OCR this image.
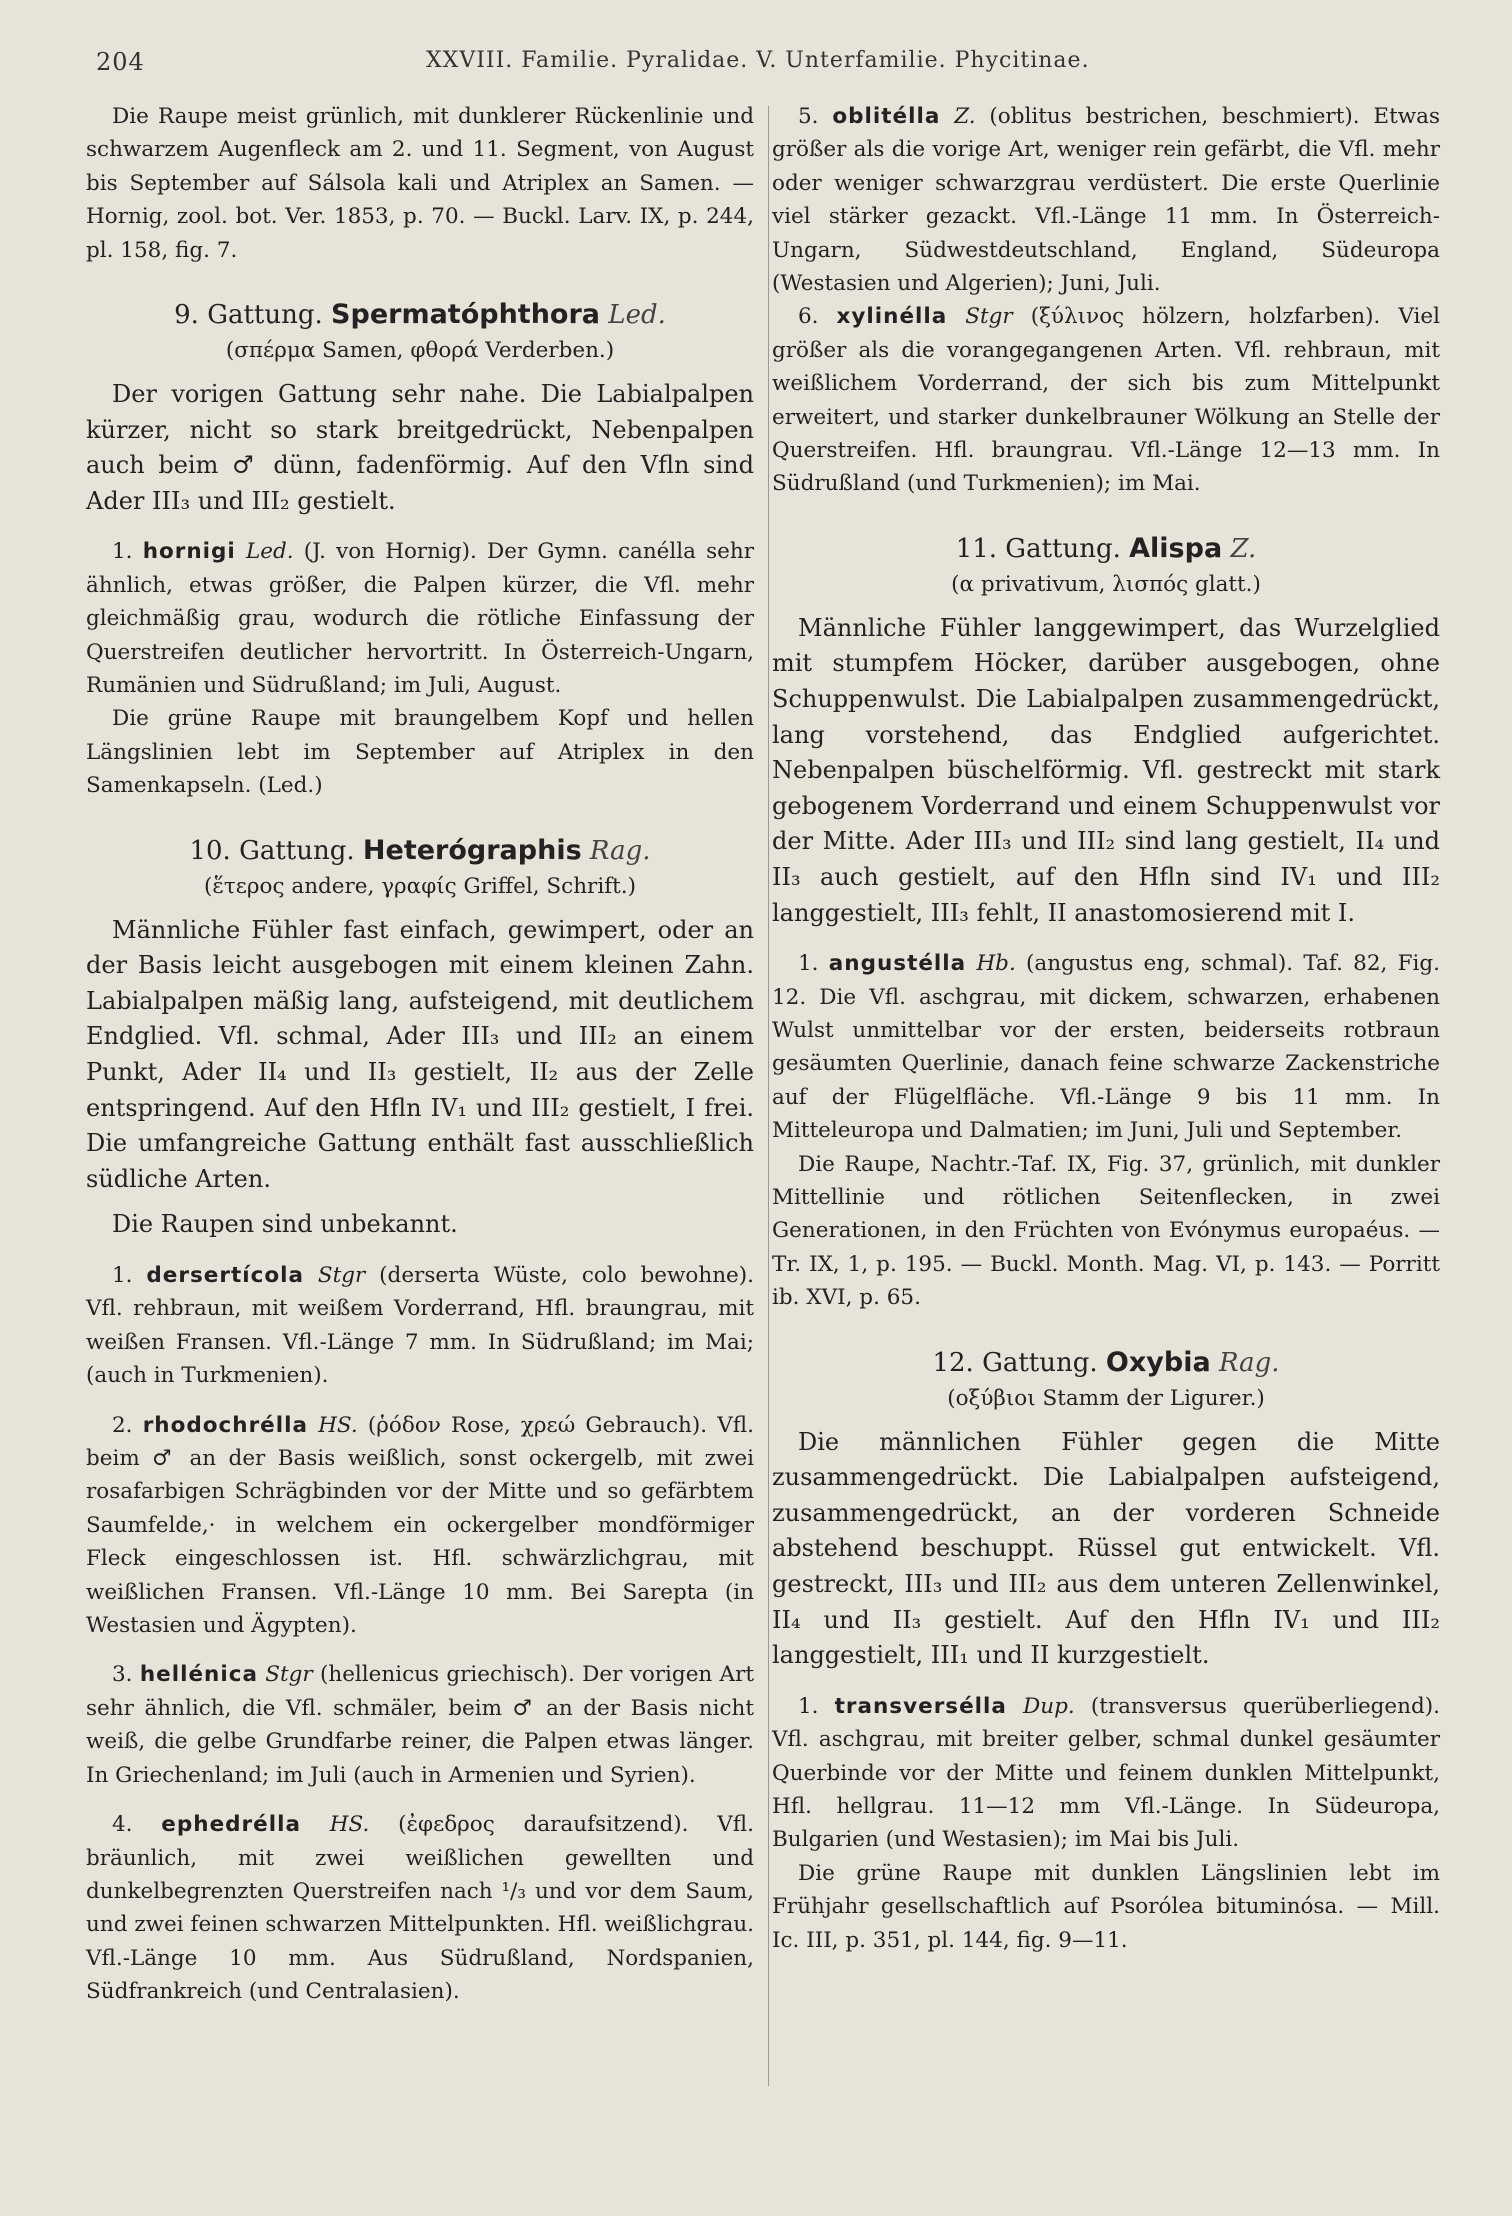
204	XXVIII. Familie. Pyralidae. V. Unterfamilie. Phycitinae.

Die Raupe meist grünlich, mit dunklerer Rückenlinie und schwarzem Augenfleck am 2. und 11. Segment, von August bis September auf Sálsola kali und Atriplex an Samen. — Hornig, zool. bot. Ver. 1853, p. 70. — Buckl. Larv. IX, p. 244, pl. 158, fig. 7.

9. Gattung. Spermatóphthora Led.
(σπέρμα Samen, φθορά Verderben.)

Der vorigen Gattung sehr nahe. Die Labialpalpen kürzer, nicht so stark breitgedrückt, Nebenpalpen auch beim ♂ dünn, fadenförmig. Auf den Vfln sind Ader III₃ und III₂ gestielt.

1. hornigi Led. (J. von Hornig). Der Gymn. canélla sehr ähnlich, etwas größer, die Palpen kürzer, die Vfl. mehr gleichmäßig grau, wodurch die rötliche Einfassung der Querstreifen deutlicher hervortritt. In Österreich-Ungarn, Rumänien und Südrußland; im Juli, August.

Die grüne Raupe mit braungelbem Kopf und hellen Längslinien lebt im September auf Atriplex in den Samenkapseln. (Led.)

10. Gattung. Heterógraphis Rag.
(ἕτερος andere, γραφίς Griffel, Schrift.)

Männliche Fühler fast einfach, gewimpert, oder an der Basis leicht ausgebogen mit einem kleinen Zahn. Labialpalpen mäßig lang, aufsteigend, mit deutlichem Endglied. Vfl. schmal, Ader III₃ und III₂ an einem Punkt, Ader II₄ und II₃ gestielt, II₂ aus der Zelle entspringend. Auf den Hfln IV₁ und III₂ gestielt, I frei. Die umfangreiche Gattung enthält fast ausschließlich südliche Arten.

Die Raupen sind unbekannt.

1. dersertícola Stgr (derserta Wüste, colo bewohne). Vfl. rehbraun, mit weißem Vorderrand, Hfl. braungrau, mit weißen Fransen. Vfl.-Länge 7 mm. In Südrußland; im Mai; (auch in Turkmenien).

2. rhodochrélla HS. (ῥόδον Rose, χρεώ Gebrauch). Vfl. beim ♂ an der Basis weißlich, sonst ockergelb, mit zwei rosafarbigen Schrägbinden vor der Mitte und so gefärbtem Saumfelde,· in welchem ein ockergelber mondförmiger Fleck eingeschlossen ist. Hfl. schwärzlichgrau, mit weißlichen Fransen. Vfl.-Länge 10 mm. Bei Sarepta (in Westasien und Ägypten).

3. hellénica Stgr (hellenicus griechisch). Der vorigen Art sehr ähnlich, die Vfl. schmäler, beim ♂ an der Basis nicht weiß, die gelbe Grundfarbe reiner, die Palpen etwas länger. In Griechenland; im Juli (auch in Armenien und Syrien).

4. ephedrélla HS. (ἐφεδρος daraufsitzend). Vfl. bräunlich, mit zwei weißlichen gewellten und dunkelbegrenzten Querstreifen nach ¹/₃ und vor dem Saum, und zwei feinen schwarzen Mittelpunkten. Hfl. weißlichgrau. Vfl.-Länge 10 mm. Aus Südrußland, Nordspanien, Südfrankreich (und Centralasien).

5. oblitélla Z. (oblitus bestrichen, beschmiert). Etwas größer als die vorige Art, weniger rein gefärbt, die Vfl. mehr oder weniger schwarzgrau verdüstert. Die erste Querlinie viel stärker gezackt. Vfl.-Länge 11 mm. In Österreich-Ungarn, Südwestdeutschland, England, Südeuropa (Westasien und Algerien); Juni, Juli.

6. xylinélla Stgr (ξύλινος hölzern, holzfarben). Viel größer als die vorangegangenen Arten. Vfl. rehbraun, mit weißlichem Vorderrand, der sich bis zum Mittelpunkt erweitert, und starker dunkelbrauner Wölkung an Stelle der Querstreifen. Hfl. braungrau. Vfl.-Länge 12—13 mm. In Südrußland (und Turkmenien); im Mai.

11. Gattung. Alispa Z.
(α privativum, λισπός glatt.)

Männliche Fühler langgewimpert, das Wurzelglied mit stumpfem Höcker, darüber ausgebogen, ohne Schuppenwulst. Die Labialpalpen zusammengedrückt, lang vorstehend, das Endglied aufgerichtet. Nebenpalpen büschelförmig. Vfl. gestreckt mit stark gebogenem Vorderrand und einem Schuppenwulst vor der Mitte. Ader III₃ und III₂ sind lang gestielt, II₄ und II₃ auch gestielt, auf den Hfln sind IV₁ und III₂ langgestielt, III₃ fehlt, II anastomosierend mit I.

1. angustélla Hb. (angustus eng, schmal). Taf. 82, Fig. 12. Die Vfl. aschgrau, mit dickem, schwarzen, erhabenen Wulst unmittelbar vor der ersten, beiderseits rotbraun gesäumten Querlinie, danach feine schwarze Zackenstriche auf der Flügelfläche. Vfl.-Länge 9 bis 11 mm. In Mitteleuropa und Dalmatien; im Juni, Juli und September.

Die Raupe, Nachtr.-Taf. IX, Fig. 37, grünlich, mit dunkler Mittellinie und rötlichen Seitenflecken, in zwei Generationen, in den Früchten von Evónymus europaéus. — Tr. IX, 1, p. 195. — Buckl. Month. Mag. VI, p. 143. — Porritt ib. XVI, p. 65.

12. Gattung. Oxybia Rag.
(οξύβιοι Stamm der Ligurer.)

Die männlichen Fühler gegen die Mitte zusammengedrückt. Die Labialpalpen aufsteigend, zusammengedrückt, an der vorderen Schneide abstehend beschuppt. Rüssel gut entwickelt. Vfl. gestreckt, III₃ und III₂ aus dem unteren Zellenwinkel, II₄ und II₃ gestielt. Auf den Hfln IV₁ und III₂ langgestielt, III₁ und II kurzgestielt.

1. transversélla Dup. (transversus querüberliegend). Vfl. aschgrau, mit breiter gelber, schmal dunkel gesäumter Querbinde vor der Mitte und feinem dunklen Mittelpunkt, Hfl. hellgrau. 11—12 mm Vfl.-Länge. In Südeuropa, Bulgarien (und Westasien); im Mai bis Juli.

Die grüne Raupe mit dunklen Längslinien lebt im Frühjahr gesellschaftlich auf Psorólea bituminósa. — Mill. Ic. III, p. 351, pl. 144, fig. 9—11.
